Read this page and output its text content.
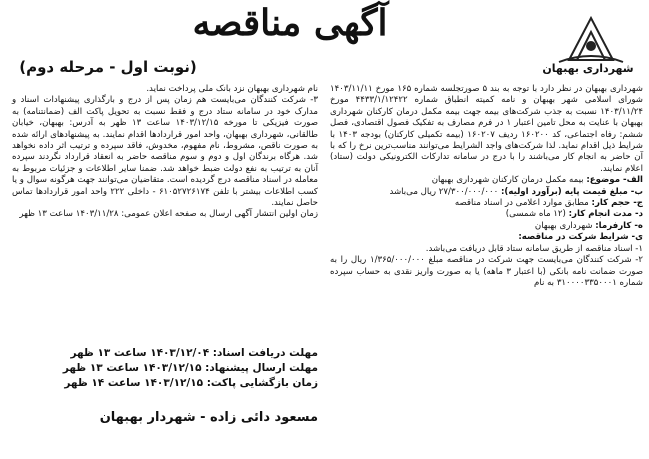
آگهی مناقصه
(نوبت اول - مرحله دوم)	شهرداری بهبهان

شهرداری بهبهان در نظر دارد با توجه به بند ۵ صورتجلسه شماره ۱۶۵ مورخ ۱۴۰۳/۱۱/۱۱ شورای اسلامی شهر بهبهان و نامه کمیته انطباق شماره ۴۴۳۳/۱/۱۲۴۲۲ مورخ ۱۴۰۳/۱۱/۲۴ نسبت به جذب شرکت‌های بیمه جهت بیمه مکمل درمان کارکنان شهرداری بهبهان با عنایت به محل تامین اعتبار ۱ در فرم مصارف به تفکیک فصول اقتصادی، فصل ششم: رفاه اجتماعی، کد ۱۶۰۲۰۰ ردیف ۱۶۰۲۰۷ (بیمه تکمیلی کارکنان) بودجه ۱۴۰۳ با شرایط ذیل اقدام نماید. لذا شرکت‌های واجد الشرایط می‌توانند مناسب‌ترین نرخ را که با آن حاضر به انجام کار می‌باشند را با درج در سامانه تدارکات الکترونیکی دولت (ستاد) اعلام نمایند.

الف- موضوع: بیمه مکمل درمان کارکنان شهرداری بهبهان
ب- مبلغ قیمت پایه (برآورد اولیه): ۲۷/۳۰۰/۰۰۰/۰۰۰ ریال می‌باشد
ج- حجم کار: مطابق موارد اعلامی در اسناد مناقصه
د- مدت انجام کار: (۱۲ ماه شمسی)
ه- کارفرما: شهرداری بهبهان
ی- شرایط شرکت در مناقصه:

۱- اسناد مناقصه از طریق سامانه ستاد قابل دریافت می‌باشد.

۲- شرکت کنندگان می‌بایست جهت شرکت در مناقصه مبلغ ۱/۳۶۵/۰۰۰/۰۰۰ ریال را به صورت ضمانت نامه بانکی (با اعتبار ۳ ماهه) یا به صورت واریز نقدی به حساب سپرده شماره ۳۱۰۰۰۰۳۳۵۰۰۰۱ به نام

نام شهرداری بهبهان نزد بانک ملی پرداخت نماید.

۳- شرکت کنندگان می‌بایست هم زمان پس از درج و بارگذاری پیشنهادات اسناد و مدارک خود در سامانه ستاد درج و فقط نسبت به تحویل پاکت الف (ضمانتنامه) به صورت فیزیکی تا مورخه ۱۴۰۳/۱۲/۱۵ ساعت ۱۳ ظهر به آدرس: بهبهان، خیابان طالقانی، شهرداری بهبهان، واحد امور قراردادها اقدام نمایند. به پیشنهادهای ارائه شده به صورت ناقص، مشروط، نام مفهوم، مخدوش، فاقد سپرده و ترتیب اثر داده نخواهد شد. هرگاه برندگان اول و دوم و سوم مناقصه حاضر به انعقاد قرارداد نگردند سپرده آنان به ترتیب به نفع دولت ضبط خواهد شد. ضمنا سایر اطلاعات و جزئیات مربوط به معامله در اسناد مناقصه درج گردیده است. متقاضیان می‌توانند جهت هرگونه سوال و یا کسب اطلاعات بیشتر با تلفن ۶۱۰۵۲۷۲۶۱۷۴ - داخلی ۲۲۲ واحد امور قراردادها تماس حاصل نمایند.

زمان اولین انتشار آگهی ارسال به صفحه اعلان عمومی: ۱۴۰۳/۱۱/۲۸ ساعت ۱۳ ظهر

مهلت دریافت اسناد: ۱۴۰۳/۱۲/۰۴ ساعت ۱۳ ظهر
مهلت ارسال پیشنهاد: ۱۴۰۳/۱۲/۱۵ ساعت ۱۳ ظهر
زمان بازگشایی پاکت: ۱۴۰۳/۱۲/۱۵ ساعت ۱۴ ظهر
مسعود دائی زاده - شهردار بهبهان
